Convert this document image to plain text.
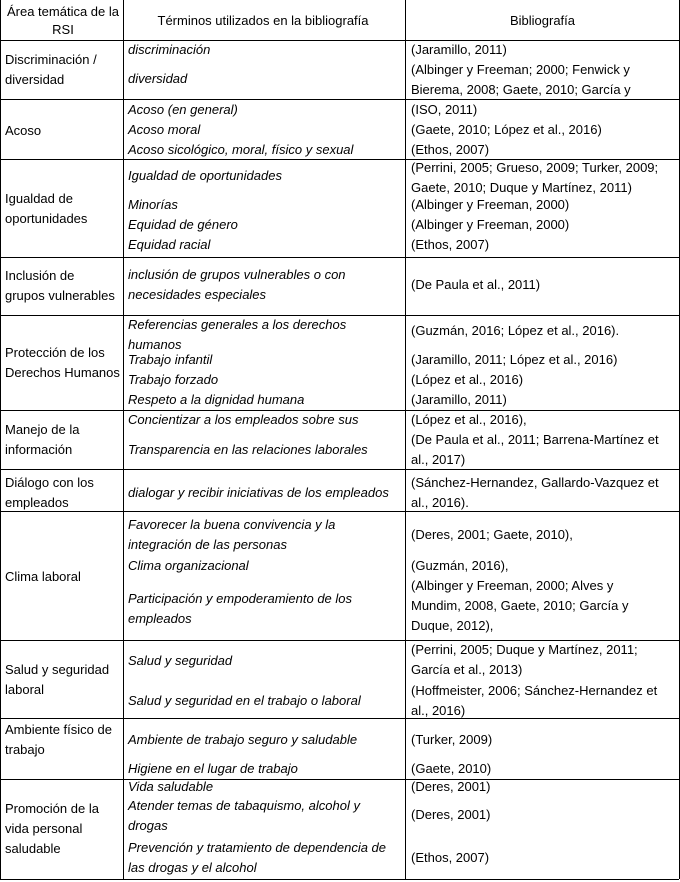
Área temática de la
RSI
Términos utilizados en la bibliografía	Bibliografía
Discriminación /
diversidad
discriminación
diversidad
(Jaramillo, 2011)
(Albinger y Freeman; 2000; Fenwick y
Bierema, 2008; Gaete, 2010; García y
Acoso
Acoso (en general)
Acoso moral
Acoso sicológico, moral, físico y sexual
(ISO, 2011)
(Gaete, 2010; López et al., 2016)
(Ethos, 2007)
Igualdad de
oportunidades
Igualdad de oportunidades
Minorías
Equidad de género
Equidad racial
(Perrini, 2005; Grueso, 2009; Turker, 2009;
Gaete, 2010; Duque y Martínez, 2011)
(Albinger y Freeman, 2000)
(Albinger y Freeman, 2000)
(Ethos, 2007)
Inclusión de
grupos vulnerables
inclusión de grupos vulnerables o con
necesidades especiales
(De Paula et al., 2011)
Protección de los
Derechos Humanos
Referencias generales a los derechos
humanos
Trabajo infantil
Trabajo forzado
Respeto a la dignidad humana
(Guzmán, 2016; López et al., 2016).
(Jaramillo, 2011; López et al., 2016)
(López et al., 2016)
(Jaramillo, 2011)
Manejo de la
información
Concientizar a los empleados sobre sus
Transparencia en las relaciones laborales
(López et al., 2016),
(De Paula et al., 2011; Barrena-Martínez et
al., 2017)
Diálogo con los
empleados
dialogar y recibir iniciativas de los empleados
(Sánchez-Hernandez, Gallardo-Vazquez et
al., 2016).
Clima laboral
Favorecer la buena convivencia y la
integración de las personas
Clima organizacional
Participación y empoderamiento de los
empleados
(Deres, 2001; Gaete, 2010),
(Guzmán, 2016),
(Albinger y Freeman, 2000; Alves y
Mundim, 2008, Gaete, 2010; García y
Duque, 2012),
Salud y seguridad
laboral
Salud y seguridad
Salud y seguridad en el trabajo o laboral
(Perrini, 2005; Duque y Martínez, 2011;
García et al., 2013)
(Hoffmeister, 2006; Sánchez-Hernandez et
al., 2016)
Ambiente físico de
trabajo
Ambiente de trabajo seguro y saludable
Higiene en el lugar de trabajo
(Turker, 2009)
(Gaete, 2010)
Promoción de la
vida personal
saludable
Vida saludable
Atender temas de tabaquismo, alcohol y
drogas
Prevención y tratamiento de dependencia de
las drogas y el alcohol
(Deres, 2001)
(Deres, 2001)
(Ethos, 2007)
